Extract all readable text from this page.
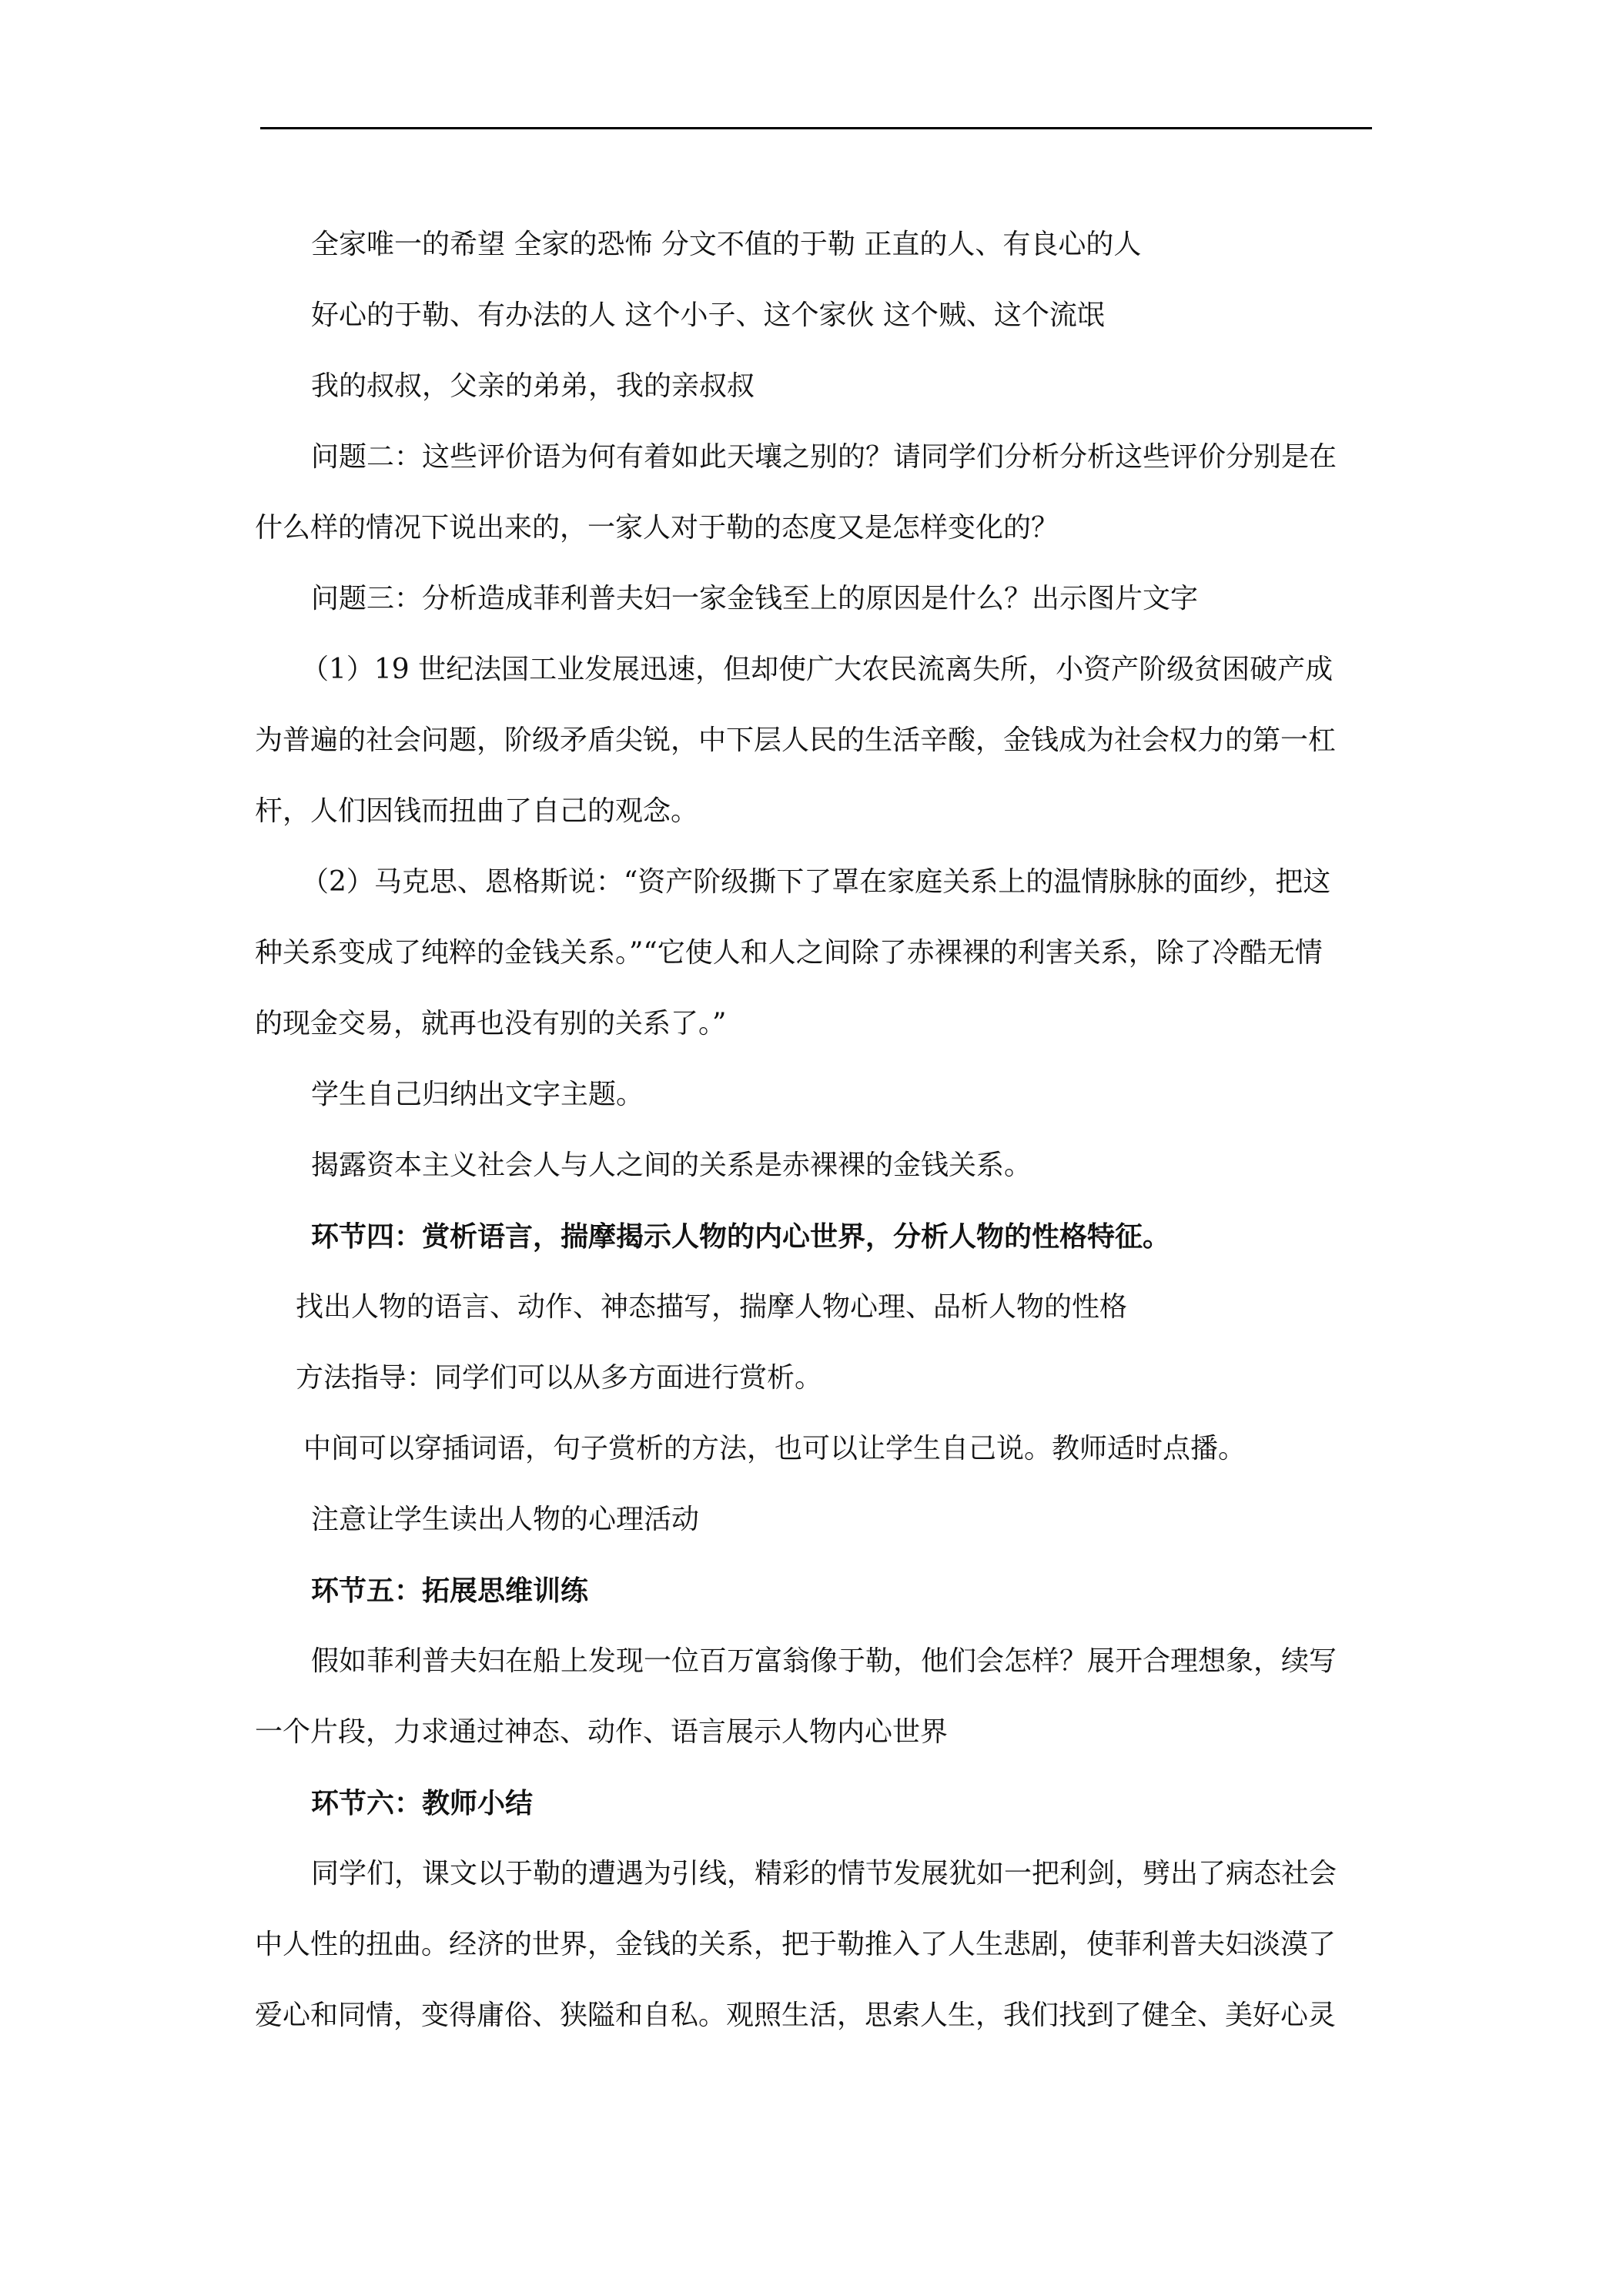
全家唯一的希望 全家的恐怖 分文不值的于勒 正直的人、有良心的人
好心的于勒、有办法的人 这个小子、这个家伙 这个贼、这个流氓
我的叔叔，父亲的弟弟，我的亲叔叔
问题二：这些评价语为何有着如此天壤之别的？请同学们分析分析这些评价分别是在
什么样的情况下说出来的，一家人对于勒的态度又是怎样变化的？
问题三：分析造成菲利普夫妇一家金钱至上的原因是什么？出示图片文字
（1）19 世纪法国工业发展迅速，但却使广大农民流离失所，小资产阶级贫困破产成
为普遍的社会问题，阶级矛盾尖锐，中下层人民的生活辛酸，金钱成为社会权力的第一杠
杆，人们因钱而扭曲了自己的观念。
（2）马克思、恩格斯说：“资产阶级撕下了罩在家庭关系上的温情脉脉的面纱，把这
种关系变成了纯粹的金钱关系。”“它使人和人之间除了赤裸裸的利害关系，除了冷酷无情
的现金交易，就再也没有别的关系了。”
学生自己归纳出文字主题。
揭露资本主义社会人与人之间的关系是赤裸裸的金钱关系。
环节四：赏析语言，揣摩揭示人物的内心世界，分析人物的性格特征。
找出人物的语言、动作、神态描写，揣摩人物心理、品析人物的性格
方法指导：同学们可以从多方面进行赏析。
中间可以穿插词语，句子赏析的方法，也可以让学生自己说。教师适时点播。
注意让学生读出人物的心理活动
环节五：拓展思维训练
假如菲利普夫妇在船上发现一位百万富翁像于勒，他们会怎样？展开合理想象，续写
一个片段，力求通过神态、动作、语言展示人物内心世界
环节六：教师小结
同学们，课文以于勒的遭遇为引线，精彩的情节发展犹如一把利剑，劈出了病态社会
中人性的扭曲。经济的世界，金钱的关系，把于勒推入了人生悲剧，使菲利普夫妇淡漠了
爱心和同情，变得庸俗、狭隘和自私。观照生活，思索人生，我们找到了健全、美好心灵
